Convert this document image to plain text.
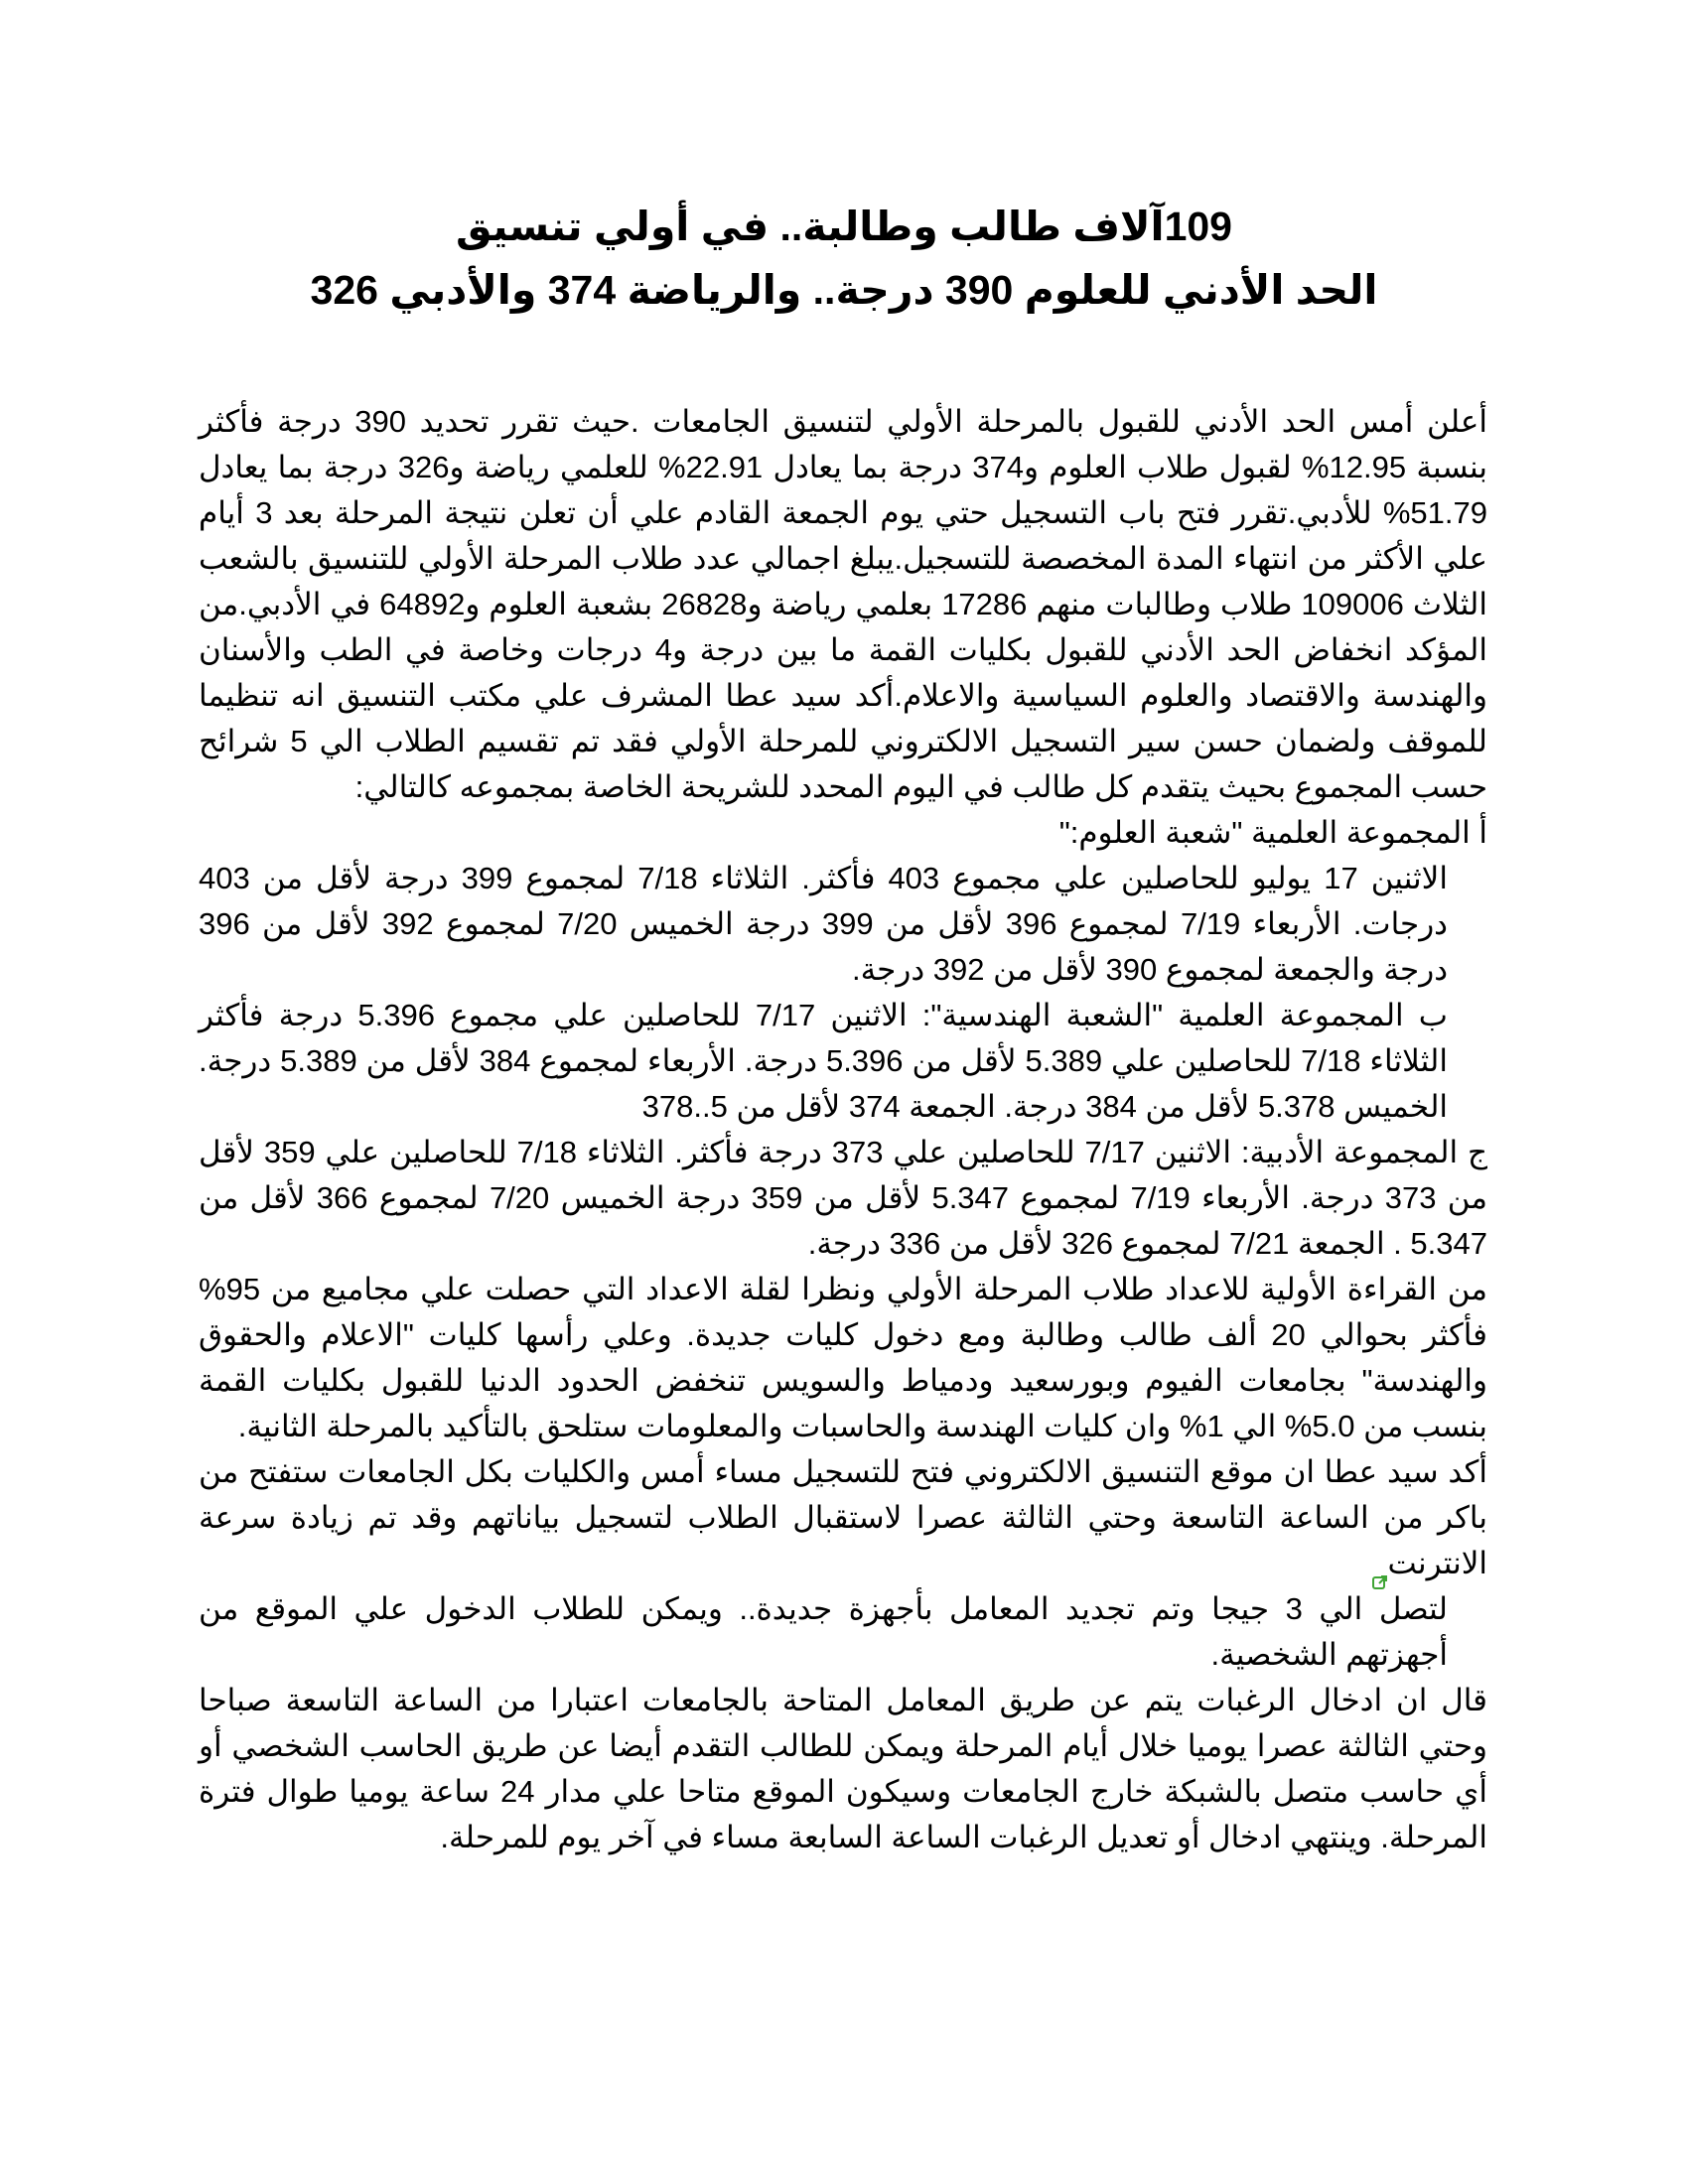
109آلاف طالب وطالبة.. في أولي تنسيق

الحد الأدني للعلوم 390 درجة.. والرياضة 374 والأدبي 326

أعلن أمس الحد الأدني للقبول بالمرحلة الأولي لتنسيق الجامعات .حيث تقرر تحديد 390 درجة فأكثر بنسبة 12.95% لقبول طلاب العلوم و374 درجة بما يعادل 22.91% للعلمي رياضة و326 درجة بما يعادل 51.79% للأدبي.تقرر فتح باب التسجيل حتي يوم الجمعة القادم علي أن تعلن نتيجة المرحلة بعد 3 أيام علي الأكثر من انتهاء المدة المخصصة للتسجيل.يبلغ اجمالي عدد طلاب المرحلة الأولي للتنسيق بالشعب الثلاث 109006 طلاب وطالبات منهم 17286 بعلمي رياضة و26828 بشعبة العلوم و64892 في الأدبي.من المؤكد انخفاض الحد الأدني للقبول بكليات القمة ما بين درجة و4 درجات وخاصة في الطب والأسنان والهندسة والاقتصاد والعلوم السياسية والاعلام.أكد سيد عطا المشرف علي مكتب التنسيق انه تنظيما للموقف ولضمان حسن سير التسجيل الالكتروني للمرحلة الأولي فقد تم تقسيم الطلاب الي 5 شرائح حسب المجموع بحيث يتقدم كل طالب في اليوم المحدد للشريحة الخاصة بمجموعه كالتالي:

أ المجموعة العلمية "شعبة العلوم:"

الاثنين 17 يوليو للحاصلين علي مجموع 403 فأكثر. الثلاثاء 7/18 لمجموع 399 درجة لأقل من 403 درجات. الأربعاء 7/19 لمجموع 396 لأقل من 399 درجة الخميس 7/20 لمجموع 392 لأقل من 396 درجة والجمعة لمجموع 390 لأقل من 392 درجة.

ب المجموعة العلمية "الشعبة الهندسية": الاثنين 7/17 للحاصلين علي مجموع 5.396 درجة فأكثر الثلاثاء 7/18 للحاصلين علي 5.389 لأقل من 5.396 درجة. الأربعاء لمجموع 384 لأقل من 5.389 درجة. الخميس 5.378 لأقل من 384 درجة. الجمعة 374 لأقل من 5..378

ج المجموعة الأدبية: الاثنين 7/17 للحاصلين علي 373 درجة فأكثر. الثلاثاء 7/18 للحاصلين علي 359 لأقل من 373 درجة. الأربعاء 7/19 لمجموع 5.347 لأقل من 359 درجة الخميس 7/20 لمجموع 366 لأقل من 5.347 . الجمعة 7/21 لمجموع 326 لأقل من 336 درجة.

من القراءة الأولية للاعداد طلاب المرحلة الأولي ونظرا لقلة الاعداد التي حصلت علي مجاميع من 95% فأكثر بحوالي 20 ألف طالب وطالبة ومع دخول كليات جديدة. وعلي رأسها كليات "الاعلام والحقوق والهندسة" بجامعات الفيوم وبورسعيد ودمياط والسويس تنخفض الحدود الدنيا للقبول بكليات القمة بنسب من 5.0% الي 1% وان كليات الهندسة والحاسبات والمعلومات ستلحق بالتأكيد بالمرحلة الثانية.

أكد سيد عطا ان موقع التنسيق الالكتروني فتح للتسجيل مساء أمس والكليات بكل الجامعات ستفتح من باكر من الساعة التاسعة وحتي الثالثة عصرا لاستقبال الطلاب لتسجيل بياناتهم وقد تم زيادة سرعة الانترنت

لتصل الي 3 جيجا وتم تجديد المعامل بأجهزة جديدة.. ويمكن للطلاب الدخول علي الموقع من أجهزتهم الشخصية.

قال ان ادخال الرغبات يتم عن طريق المعامل المتاحة بالجامعات اعتبارا من الساعة التاسعة صباحا وحتي الثالثة عصرا يوميا خلال أيام المرحلة ويمكن للطالب التقدم أيضا عن طريق الحاسب الشخصي أو أي حاسب متصل بالشبكة خارج الجامعات وسيكون الموقع متاحا علي مدار 24 ساعة يوميا طوال فترة المرحلة. وينتهي ادخال أو تعديل الرغبات الساعة السابعة مساء في آخر يوم للمرحلة.
